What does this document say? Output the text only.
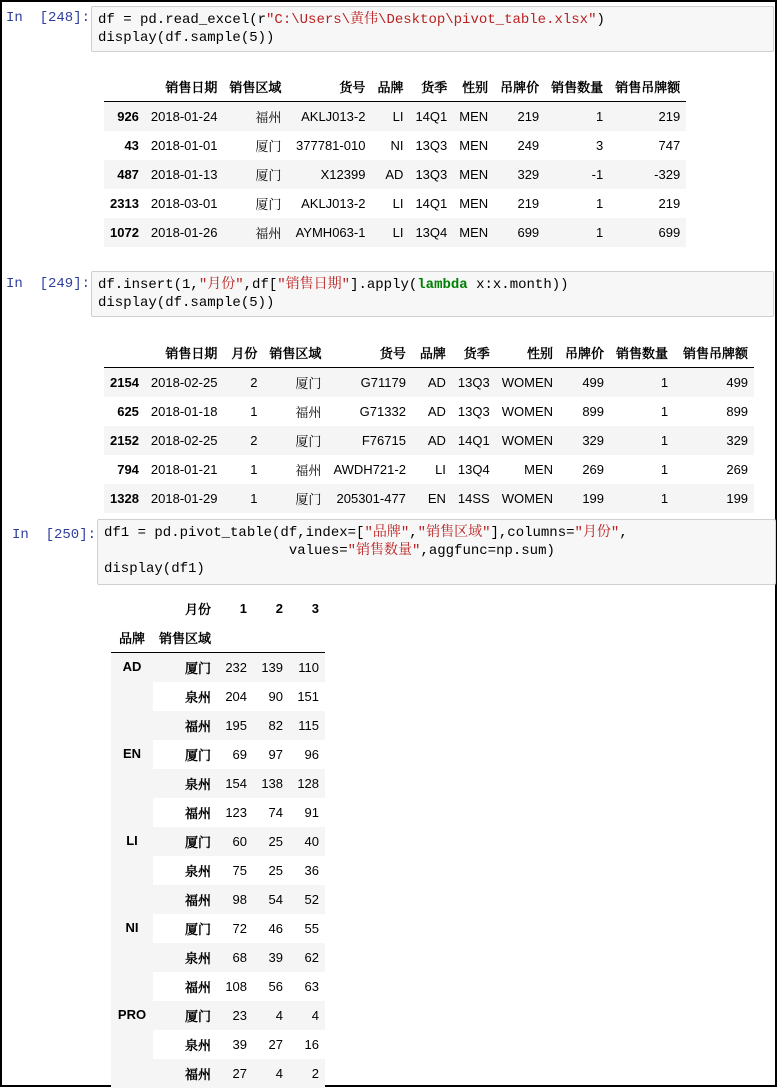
In  [248]: df = pd.read_excel(r"C:\Users\黄伟\Desktop\pivot_table.xlsx")
display(df.sample(5))
	销售日期	销售区域	货号	品牌	货季	性别	吊牌价	销售数量	销售吊牌额
926	2018-01-24	福州	AKLJ013-2	LI	14Q1	MEN	219	1	219
43	2018-01-01	厦门	377781-010	NI	13Q3	MEN	249	3	747
487	2018-01-13	厦门	X12399	AD	13Q3	MEN	329	-1	-329
2313	2018-03-01	厦门	AKLJ013-2	LI	14Q1	MEN	219	1	219
1072	2018-01-26	福州	AYMH063-1	LI	13Q4	MEN	699	1	699
In  [249]: df.insert(1,"月份",df["销售日期"].apply(lambda x:x.month))
display(df.sample(5))
	销售日期	月份	销售区域	货号	品牌	货季	性别	吊牌价	销售数量	销售吊牌额
2154	2018-02-25	2	厦门	G71179	AD	13Q3	WOMEN	499	1	499
625	2018-01-18	1	福州	G71332	AD	13Q3	WOMEN	899	1	899
2152	2018-02-25	2	厦门	F76715	AD	14Q1	WOMEN	329	1	329
794	2018-01-21	1	福州	AWDH721-2	LI	13Q4	MEN	269	1	269
1328	2018-01-29	1	厦门	205301-477	EN	14SS	WOMEN	199	1	199
In  [250]: df1 = pd.pivot_table(df,index=["品牌","销售区域"],columns="月份",
values="销售数量",aggfunc=np.sum)
display(df1)
	月份	1	2	3
品牌	销售区域			
AD	厦门	232	139	110
	泉州	204	90	151
	福州	195	82	115
EN	厦门	69	97	96
	泉州	154	138	128
	福州	123	74	91
LI	厦门	60	25	40
	泉州	75	25	36
	福州	98	54	52
NI	厦门	72	46	55
	泉州	68	39	62
	福州	108	56	63
PRO	厦门	23	4	4
	泉州	39	27	16
	福州	27	4	2
